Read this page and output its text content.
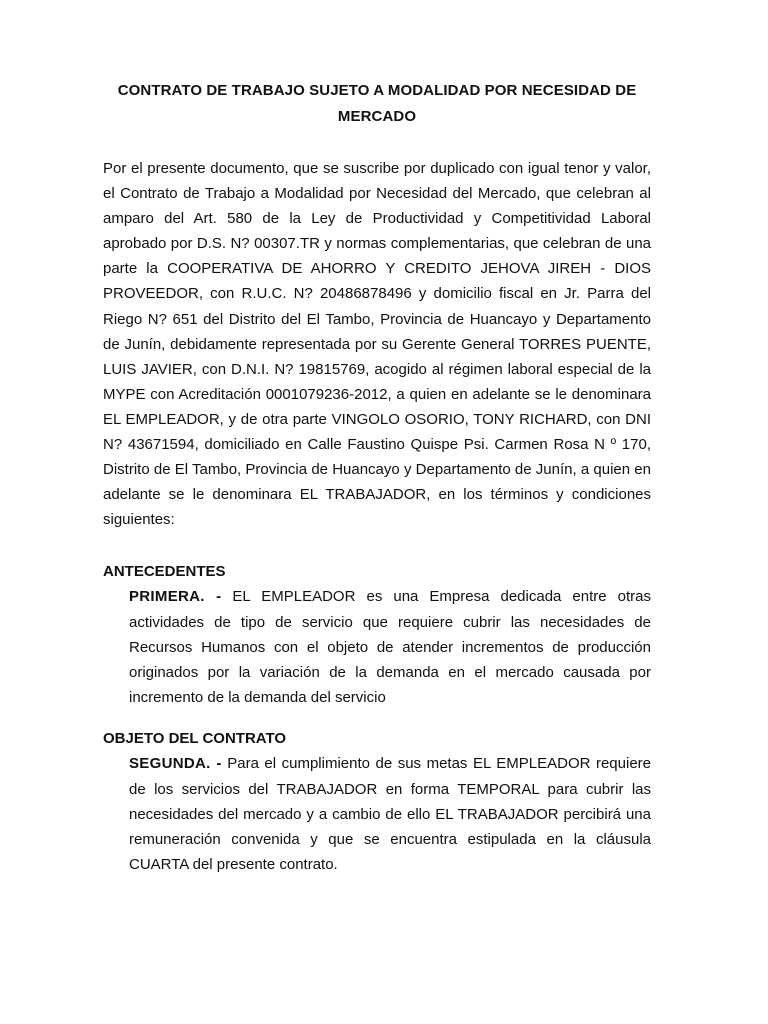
CONTRATO DE TRABAJO SUJETO A MODALIDAD POR NECESIDAD DE
MERCADO

Por el presente documento, que se suscribe por duplicado con igual tenor y valor, el Contrato de Trabajo a Modalidad por Necesidad del Mercado, que celebran al amparo del Art. 580 de la Ley de Productividad y Competitividad Laboral aprobado por D.S. N? 00307.TR y normas complementarias, que celebran de una parte la COOPERATIVA DE AHORRO Y CREDITO JEHOVA JIREH - DIOS PROVEEDOR, con R.U.C. N? 20486878496 y domicilio fiscal en Jr. Parra del Riego N? 651 del Distrito del El Tambo, Provincia de Huancayo y Departamento de Junín, debidamente representada por su Gerente General TORRES PUENTE, LUIS JAVIER, con D.N.I. N? 19815769, acogido al régimen laboral especial de la MYPE con Acreditación 0001079236-2012, a quien en adelante se le denominara EL EMPLEADOR, y de otra parte VINGOLO OSORIO, TONY RICHARD, con DNI N? 43671594, domiciliado en Calle Faustino Quispe Psi. Carmen Rosa N º 170, Distrito de El Tambo, Provincia de Huancayo y Departamento de Junín, a quien en adelante se le denominara EL TRABAJADOR, en los términos y condiciones siguientes:

ANTECEDENTES
PRIMERA. - EL EMPLEADOR es una Empresa dedicada entre otras actividades de tipo de servicio que requiere cubrir las necesidades de Recursos Humanos con el objeto de atender incrementos de producción originados por la variación de la demanda en el mercado causada por incremento de la demanda del servicio
OBJETO DEL CONTRATO
SEGUNDA. - Para el cumplimiento de sus metas EL EMPLEADOR requiere de los servicios del TRABAJADOR en forma TEMPORAL para cubrir las necesidades del mercado y a cambio de ello EL TRABAJADOR percibirá una remuneración convenida y que se encuentra estipulada en la cláusula CUARTA del presente contrato.
